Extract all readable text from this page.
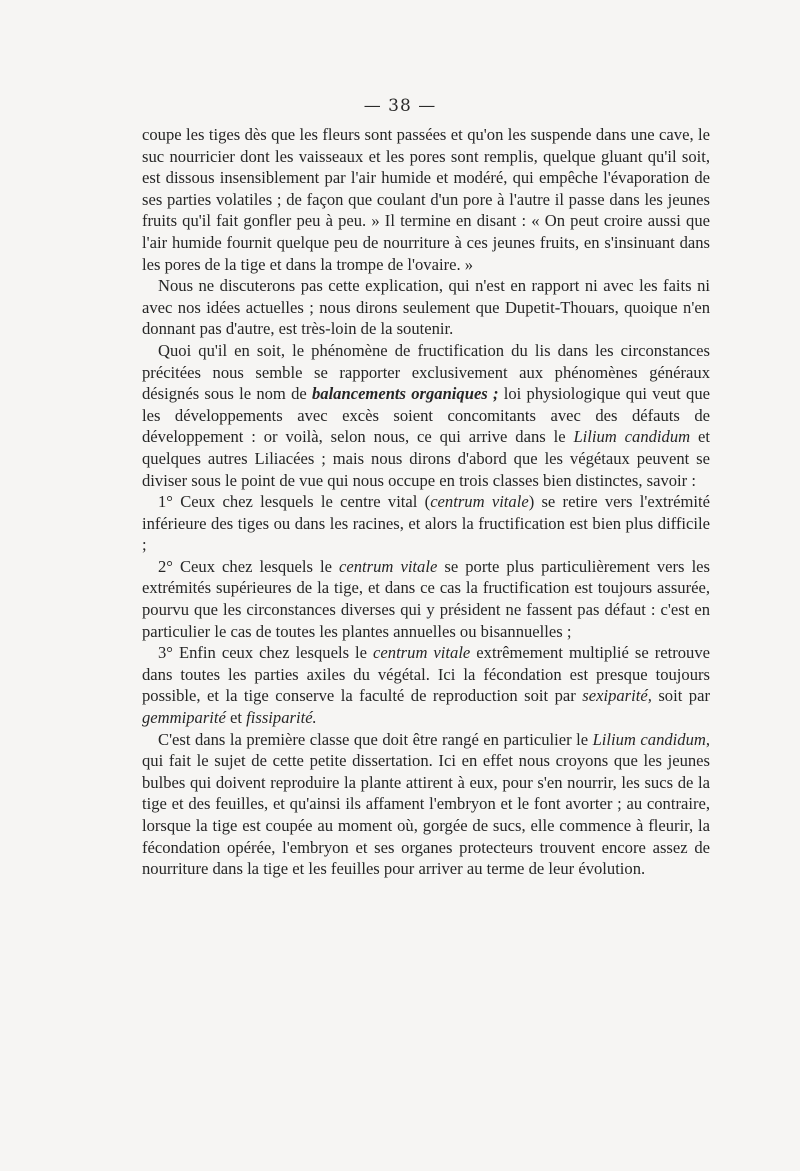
— 38 —

coupe les tiges dès que les fleurs sont passées et qu'on les suspende dans une cave, le suc nourricier dont les vaisseaux et les pores sont remplis, quelque gluant qu'il soit, est dissous insensiblement par l'air humide et modéré, qui empêche l'évaporation de ses parties volatiles ; de façon que coulant d'un pore à l'autre il passe dans les jeunes fruits qu'il fait gonfler peu à peu. » Il termine en disant : « On peut croire aussi que l'air humide fournit quelque peu de nourriture à ces jeunes fruits, en s'insinuant dans les pores de la tige et dans la trompe de l'ovaire. »

Nous ne discuterons pas cette explication, qui n'est en rapport ni avec les faits ni avec nos idées actuelles ; nous dirons seulement que Dupetit-Thouars, quoique n'en donnant pas d'autre, est très-loin de la soutenir.

Quoi qu'il en soit, le phénomène de fructification du lis dans les circonstances précitées nous semble se rapporter exclusivement aux phénomènes généraux désignés sous le nom de balancements organiques ; loi physiologique qui veut que les développements avec excès soient concomitants avec des défauts de développement : or voilà, selon nous, ce qui arrive dans le Lilium candidum et quelques autres Liliacées ; mais nous dirons d'abord que les végétaux peuvent se diviser sous le point de vue qui nous occupe en trois classes bien distinctes, savoir :

1° Ceux chez lesquels le centre vital (centrum vitale) se retire vers l'extrémité inférieure des tiges ou dans les racines, et alors la fructification est bien plus difficile ;

2° Ceux chez lesquels le centrum vitale se porte plus particulièrement vers les extrémités supérieures de la tige, et dans ce cas la fructification est toujours assurée, pourvu que les circonstances diverses qui y président ne fassent pas défaut : c'est en particulier le cas de toutes les plantes annuelles ou bisannuelles ;

3° Enfin ceux chez lesquels le centrum vitale extrêmement multiplié se retrouve dans toutes les parties axiles du végétal. Ici la fécondation est presque toujours possible, et la tige conserve la faculté de reproduction soit par sexiparité, soit par gemmiparité et fissiparité.

C'est dans la première classe que doit être rangé en particulier le Lilium candidum, qui fait le sujet de cette petite dissertation. Ici en effet nous croyons que les jeunes bulbes qui doivent reproduire la plante attirent à eux, pour s'en nourrir, les sucs de la tige et des feuilles, et qu'ainsi ils affament l'embryon et le font avorter ; au contraire, lorsque la tige est coupée au moment où, gorgée de sucs, elle commence à fleurir, la fécondation opérée, l'embryon et ses organes protecteurs trouvent encore assez de nourriture dans la tige et les feuilles pour arriver au terme de leur évolution.
